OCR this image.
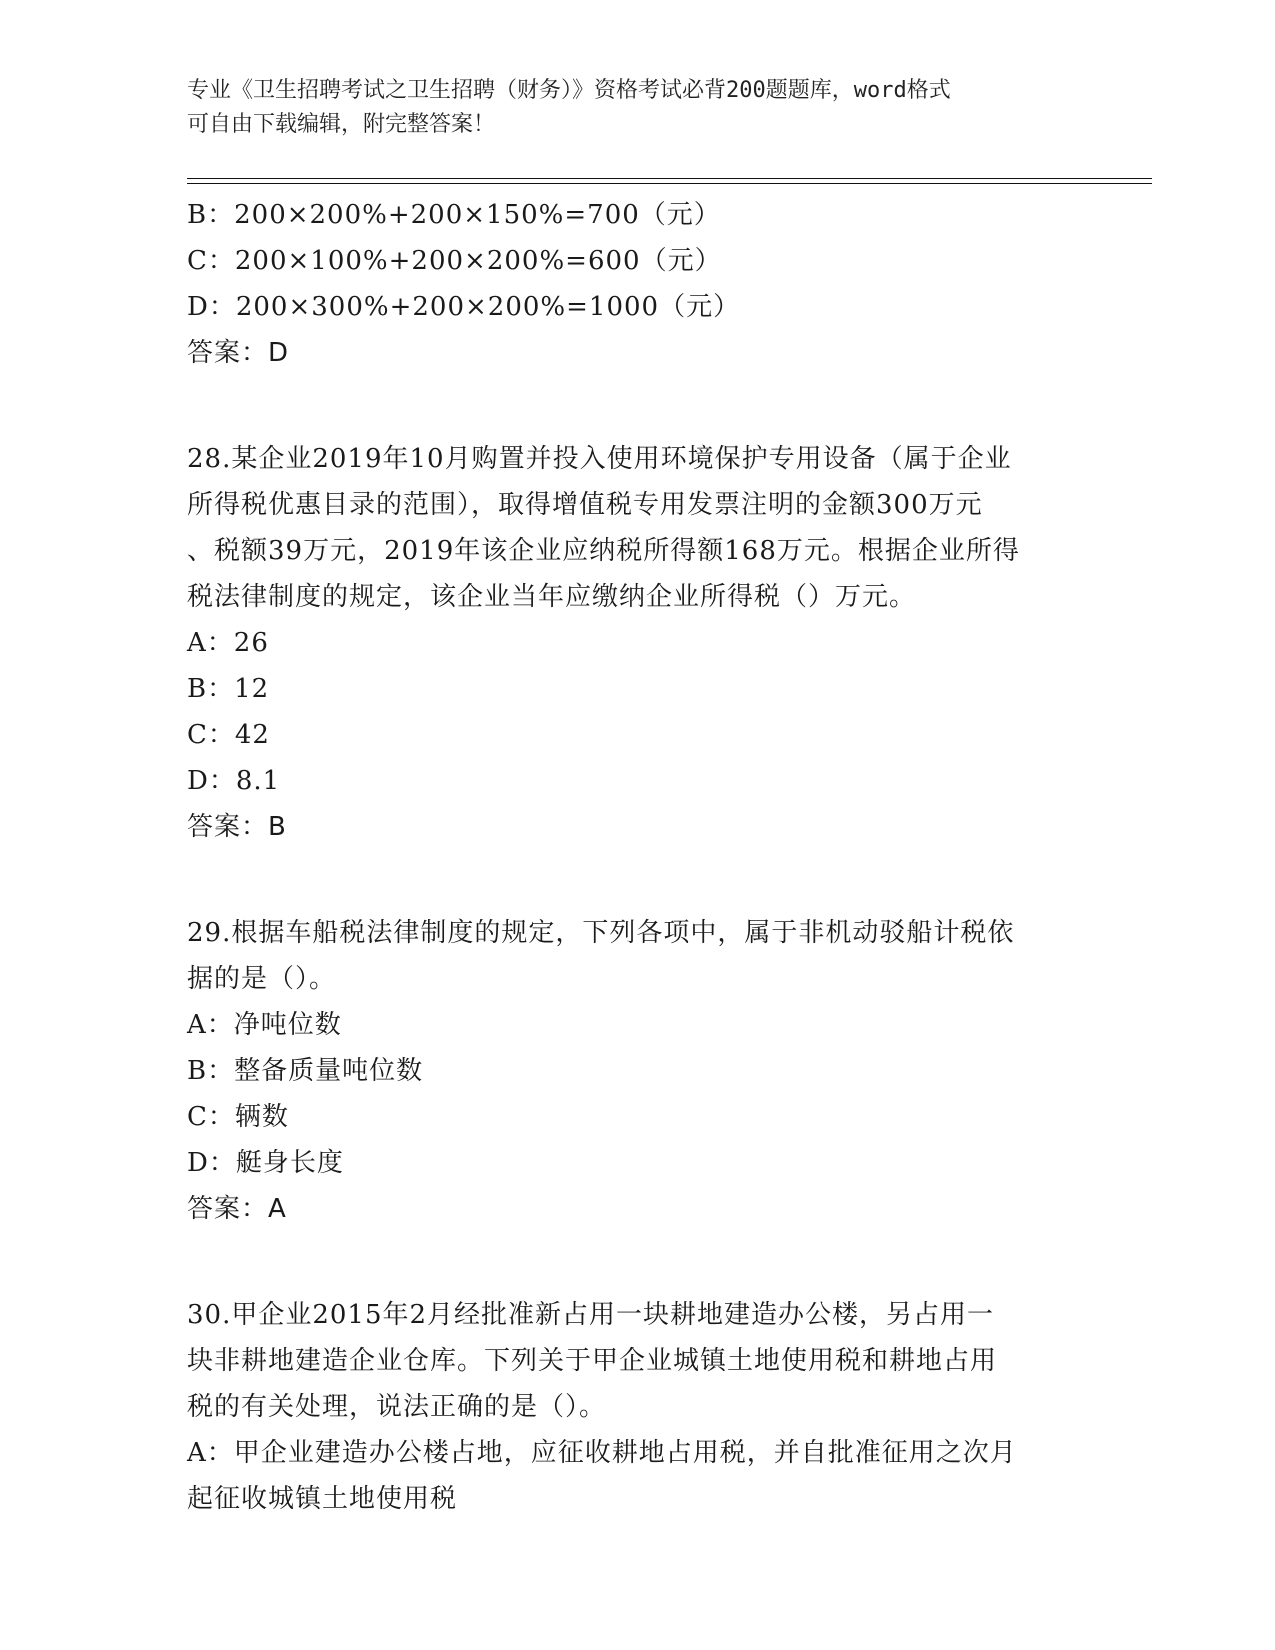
专业《卫生招聘考试之卫生招聘（财务）》资格考试必背200题题库，word格式
可自由下载编辑，附完整答案！
B：200×200%+200×150%=700（元）
C：200×100%+200×200%=600（元）
D：200×300%+200×200%=1000（元）
答案：D
28.某企业2019年10月购置并投入使用环境保护专用设备（属于企业
所得税优惠目录的范围），取得增值税专用发票注明的金额300万元
、税额39万元，2019年该企业应纳税所得额168万元。根据企业所得
税法律制度的规定，该企业当年应缴纳企业所得税（）万元。
A：26
B：12
C：42
D：8.1
答案：B
29.根据车船税法律制度的规定，下列各项中，属于非机动驳船计税依
据的是（）。
A：净吨位数
B：整备质量吨位数
C：辆数
D：艇身长度
答案：A
30.甲企业2015年2月经批准新占用一块耕地建造办公楼，另占用一
块非耕地建造企业仓库。下列关于甲企业城镇土地使用税和耕地占用
税的有关处理，说法正确的是（）。
A：甲企业建造办公楼占地，应征收耕地占用税，并自批准征用之次月
起征收城镇土地使用税
